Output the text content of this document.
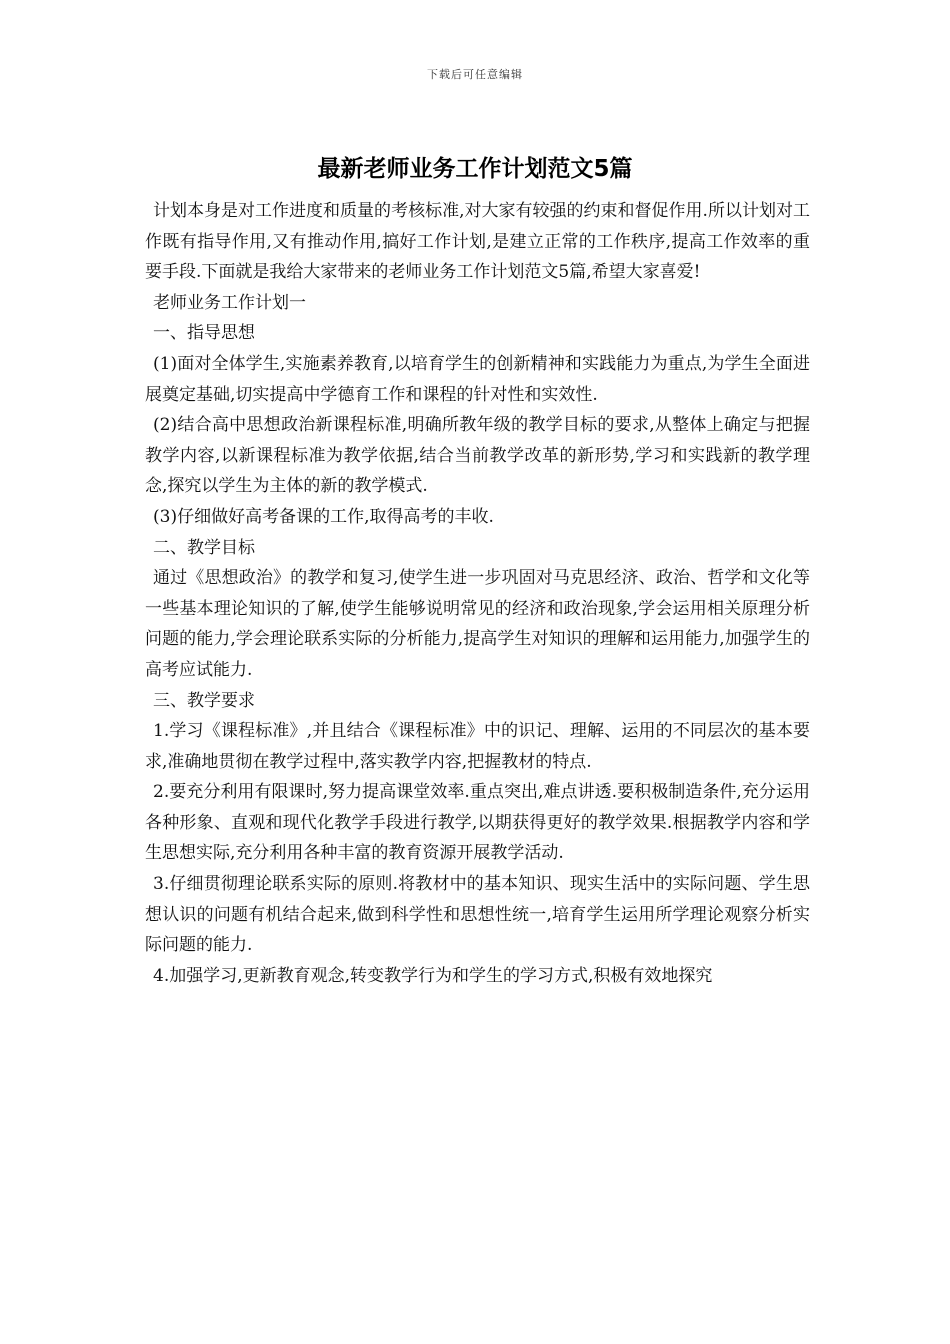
下载后可任意编辑
最新老师业务工作计划范文5篇

计划本身是对工作进度和质量的考核标准,对大家有较强的约束和督促作用.所以计划对工作既有指导作用,又有推动作用,搞好工作计划,是建立正常的工作秩序,提高工作效率的重要手段.下面就是我给大家带来的老师业务工作计划范文5篇,希望大家喜爱!

老师业务工作计划一

一、指导思想

(1)面对全体学生,实施素养教育,以培育学生的创新精神和实践能力为重点,为学生全面进展奠定基础,切实提高中学德育工作和课程的针对性和实效性.

(2)结合高中思想政治新课程标准,明确所教年级的教学目标的要求,从整体上确定与把握教学内容,以新课程标准为教学依据,结合当前教学改革的新形势,学习和实践新的教学理念,探究以学生为主体的新的教学模式.

(3)仔细做好高考备课的工作,取得高考的丰收.

二、教学目标

通过《思想政治》的教学和复习,使学生进一步巩固对马克思经济、政治、哲学和文化等一些基本理论知识的了解,使学生能够说明常见的经济和政治现象,学会运用相关原理分析问题的能力,学会理论联系实际的分析能力,提高学生对知识的理解和运用能力,加强学生的高考应试能力.

三、教学要求

1.学习《课程标准》,并且结合《课程标准》中的识记、理解、运用的不同层次的基本要求,准确地贯彻在教学过程中,落实教学内容,把握教材的特点.

2.要充分利用有限课时,努力提高课堂效率.重点突出,难点讲透.要积极制造条件,充分运用各种形象、直观和现代化教学手段进行教学,以期获得更好的教学效果.根据教学内容和学生思想实际,充分利用各种丰富的教育资源开展教学活动.

3.仔细贯彻理论联系实际的原则.将教材中的基本知识、现实生活中的实际问题、学生思想认识的问题有机结合起来,做到科学性和思想性统一,培育学生运用所学理论观察分析实际问题的能力.

4.加强学习,更新教育观念,转变教学行为和学生的学习方式,积极有效地探究
